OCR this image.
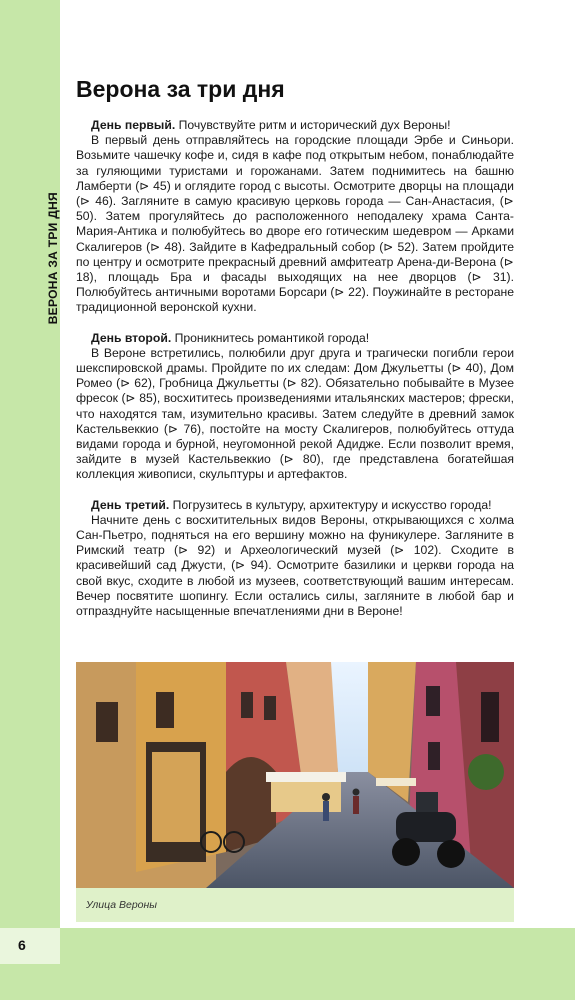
ВЕРОНА ЗА ТРИ ДНЯ
Верона за три дня

День первый. Почувствуйте ритм и исторический дух Вероны!

В первый день отправляйтесь на городские площади Эрбе и Синьори. Возьмите чашечку кофе и, сидя в кафе под открытым небом, понаблюдайте за гуляющими туристами и горожанами. Затем поднимитесь на башню Ламберти (⊳ 45) и оглядите город с высоты. Осмотрите дворцы на площади (⊳ 46). Загляните в самую красивую церковь города — Сан-Анастасия, (⊳ 50). Затем прогуляйтесь до расположенного неподалеку храма Санта-Мария-Антика и полюбуйтесь во дворе его готическим шедевром — Арками Скалигеров (⊳ 48). Зайдите в Кафедральный собор (⊳ 52). Затем пройдите по центру и осмотрите прекрасный древний амфитеатр Арена-ди-Верона (⊳ 18), площадь Бра и фасады выходящих на нее дворцов (⊳ 31). Полюбуйтесь античными воротами Борсари (⊳ 22). Поужинайте в ресторане традиционной веронской кухни.

День второй. Проникнитесь романтикой города!

В Вероне встретились, полюбили друг друга и трагически погибли герои шекспировской драмы. Пройдите по их следам: Дом Джульетты (⊳ 40), Дом Ромео (⊳ 62), Гробница Джульетты (⊳ 82). Обязательно побывайте в Музее фресок (⊳ 85), восхититесь произведениями итальянских мастеров; фрески, что находятся там, изумительно красивы. Затем следуйте в древний замок Кастельвеккио (⊳ 76), постойте на мосту Скалигеров, полюбуйтесь оттуда видами города и бурной, неугомонной рекой Адидже. Если позволит время, зайдите в музей Кастельвеккио (⊳ 80), где представлена богатейшая коллекция живописи, скульптуры и артефактов.

День третий. Погрузитесь в культуру, архитектуру и искусство города!

Начните день с восхитительных видов Вероны, открывающихся с холма Сан-Пьетро, подняться на его вершину можно на фуникулере. Загляните в Римский театр (⊳ 92) и Археологический музей (⊳ 102). Сходите в красивейший сад Джусти, (⊳ 94). Осмотрите базилики и церкви города на свой вкус, сходите в любой из музеев, соответствующий вашим интересам. Вечер посвятите шопингу. Если остались силы, загляните в любой бар и отпразднуйте насыщенные впечатлениями дни в Вероне!

Улица Вероны
6
